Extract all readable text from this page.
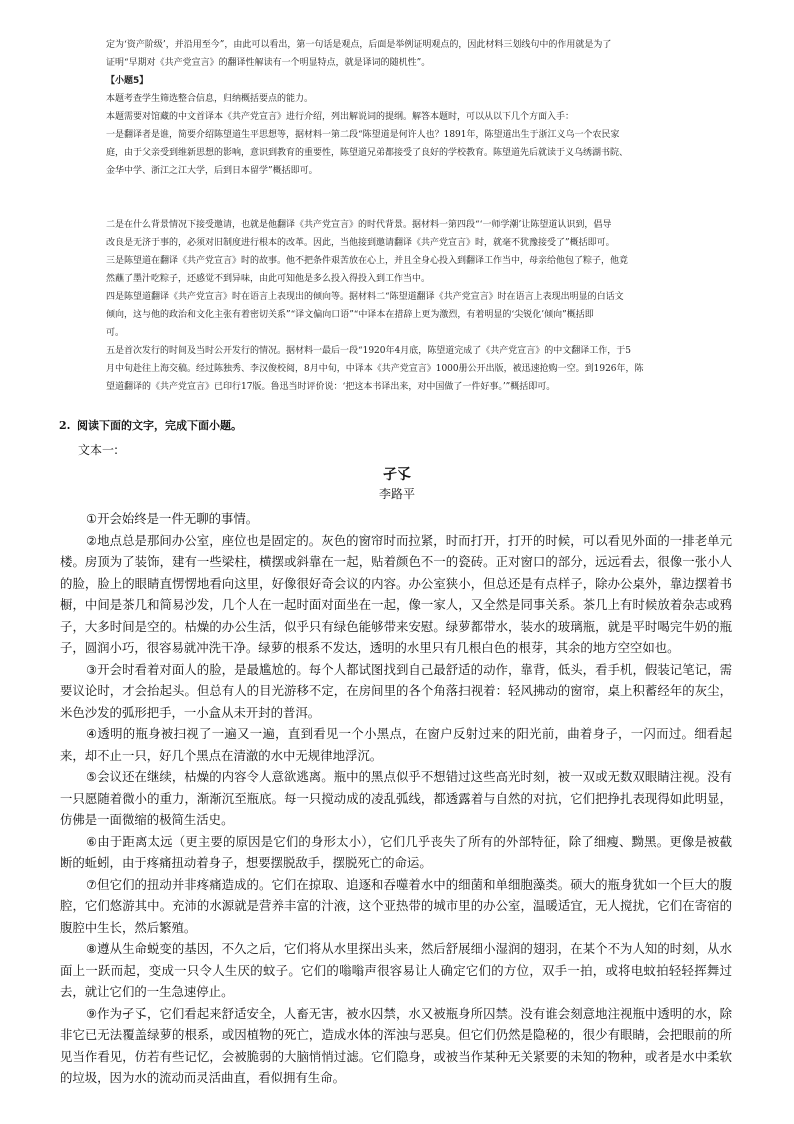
定为‘资产阶级’，并沿用至今”，由此可以看出，第一句话是观点，后面是举例证明观点的，因此材料三划线句中的作用就是为了

证明“早期对《共产党宣言》的翻译性解读有一个明显特点，就是译词的随机性”。

【小题5】

本题考查学生筛选整合信息，归纳概括要点的能力。

本题需要对馆藏的中文首译本《共产党宣言》进行介绍，列出解说词的提纲。解答本题时，可以从以下几个方面入手：

一是翻译者是谁，简要介绍陈望道生平思想等，据材料一第二段“陈望道是何许人也？1891年，陈望道出生于浙江义乌一个农民家

庭，由于父亲受到维新思想的影响，意识到教育的重要性，陈望道兄弟都接受了良好的学校教育。陈望道先后就读于义乌绣湖书院、

金华中学、浙江之江大学，后到日本留学”概括即可。

二是在什么背景情况下接受邀请，也就是他翻译《共产党宣言》的时代背景。据材料一第四段“‘一师学潮’让陈望道认识到，倡导

改良是无济于事的，必须对旧制度进行根本的改革。因此，当他接到邀请翻译《共产党宣言》时，就毫不犹豫接受了”概括即可。

三是陈望道在翻译《共产党宣言》时的故事。他不把条件艰苦放在心上，并且全身心投入到翻译工作当中，母亲给他包了粽子，他竟

然蘸了墨汁吃粽子，还感觉不到异味，由此可知他是多么投入得投入到工作当中。

四是陈望道翻译《共产党宣言》时在语言上表现出的倾向等。据材料二“陈望道翻译《共产党宣言》时在语言上表现出明显的白话文

倾向，这与他的政治和文化主张有着密切关系”“译文偏向口语”“中译本在措辞上更为激烈，有着明显的‘尖锐化’倾向”概括即

可。

五是首次发行的时间及当时公开发行的情况。据材料一最后一段“1920年4月底，陈望道完成了《共产党宣言》的中文翻译工作，于5

月中旬赴往上海交稿。经过陈独秀、李汉俊校阅，8月中旬，中译本《共产党宣言》1000册公开出版，被迅速抢购一空。到1926年，陈

望道翻译的《共产党宣言》已印行17版。鲁迅当时评价说：‘把这本书译出来，对中国做了一件好事。’”概括即可。

2. 阅读下面的文字，完成下面小题。
文本一:
孑孓
李路平

①开会始终是一件无聊的事情。

②地点总是那间办公室，座位也是固定的。灰色的窗帘时而拉紧，时而打开，打开的时候，可以看见外面的一排老单元楼。房顶为了装饰，建有一些梁柱，横摆或斜靠在一起，贴着颜色不一的瓷砖。正对窗口的部分，远远看去，很像一张小人的脸，脸上的眼睛直愣愣地看向这里，好像很好奇会议的内容。办公室狭小，但总还是有点样子，除办公桌外，靠边摆着书橱，中间是茶几和简易沙发，几个人在一起时面对面坐在一起，像一家人，又全然是同事关系。茶几上有时候放着杂志或鸦子，大多时间是空的。枯燥的办公生活，似乎只有绿色能够带来安慰。绿萝都带水，装水的玻璃瓶，就是平时喝完牛奶的瓶子，圆润小巧，很容易就冲洗干净。绿萝的根系不发达，透明的水里只有几根白色的根芽，其余的地方空空如也。

③开会时看着对面人的脸，是最尴尬的。每个人都试图找到自己最舒适的动作，靠背，低头，看手机，假装记笔记，需要议论时，才会抬起头。但总有人的目光游移不定，在房间里的各个角落扫视着：轻风拂动的窗帘，桌上积蓄经年的灰尘，米色沙发的弧形把手，一小盒从未开封的普洱。

④透明的瓶身被扫视了一遍又一遍，直到看见一个小黑点，在窗户反射过来的阳光前，曲着身子，一闪而过。细看起来，却不止一只，好几个黑点在清澈的水中无规律地浮沉。

⑤会议还在继续，枯燥的内容令人意欲逃离。瓶中的黑点似乎不想错过这些高光时刻，被一双或无数双眼睛注视。没有一只愿随着微小的重力，渐渐沉至瓶底。每一只搅动成的凌乱弧线，都透露着与自然的对抗，它们把挣扎表现得如此明显，仿佛是一面微缩的极简生活史。

⑥由于距离太远（更主要的原因是它们的身形太小），它们几乎丧失了所有的外部特征，除了细瘦、黝黑。更像是被截断的蚯蚓，由于疼痛扭动着身子，想要摆脱敌手，摆脱死亡的命运。

⑦但它们的扭动并非疼痛造成的。它们在掠取、追逐和吞噬着水中的细菌和单细胞藻类。硕大的瓶身犹如一个巨大的腹腔，它们悠游其中。充沛的水源就是营养丰富的汁液，这个亚热带的城市里的办公室，温暖适宜，无人搅扰，它们在寄宿的腹腔中生长，然后繁殖。

⑧遵从生命蜕变的基因，不久之后，它们将从水里探出头来，然后舒展细小湿润的翅羽，在某个不为人知的时刻，从水面上一跃而起，变成一只令人生厌的蚊子。它们的嗡嗡声很容易让人确定它们的方位，双手一拍，或将电蚊拍轻轻挥舞过去，就让它们的一生急速停止。

⑨作为孑孓，它们看起来舒适安全，人畜无害，被水囚禁，水又被瓶身所囚禁。没有谁会刻意地注视瓶中透明的水，除非它已无法覆盖绿萝的根系，或因植物的死亡，造成水体的浑浊与恶臭。但它们仍然是隐秘的，很少有眼睛，会把眼前的所见当作看见，仿若有些记忆，会被脆弱的大脑悄悄过滤。它们隐身，或被当作某种无关紧要的未知的物种，或者是水中柔软的垃圾，因为水的流动而灵活曲直，看似拥有生命。
